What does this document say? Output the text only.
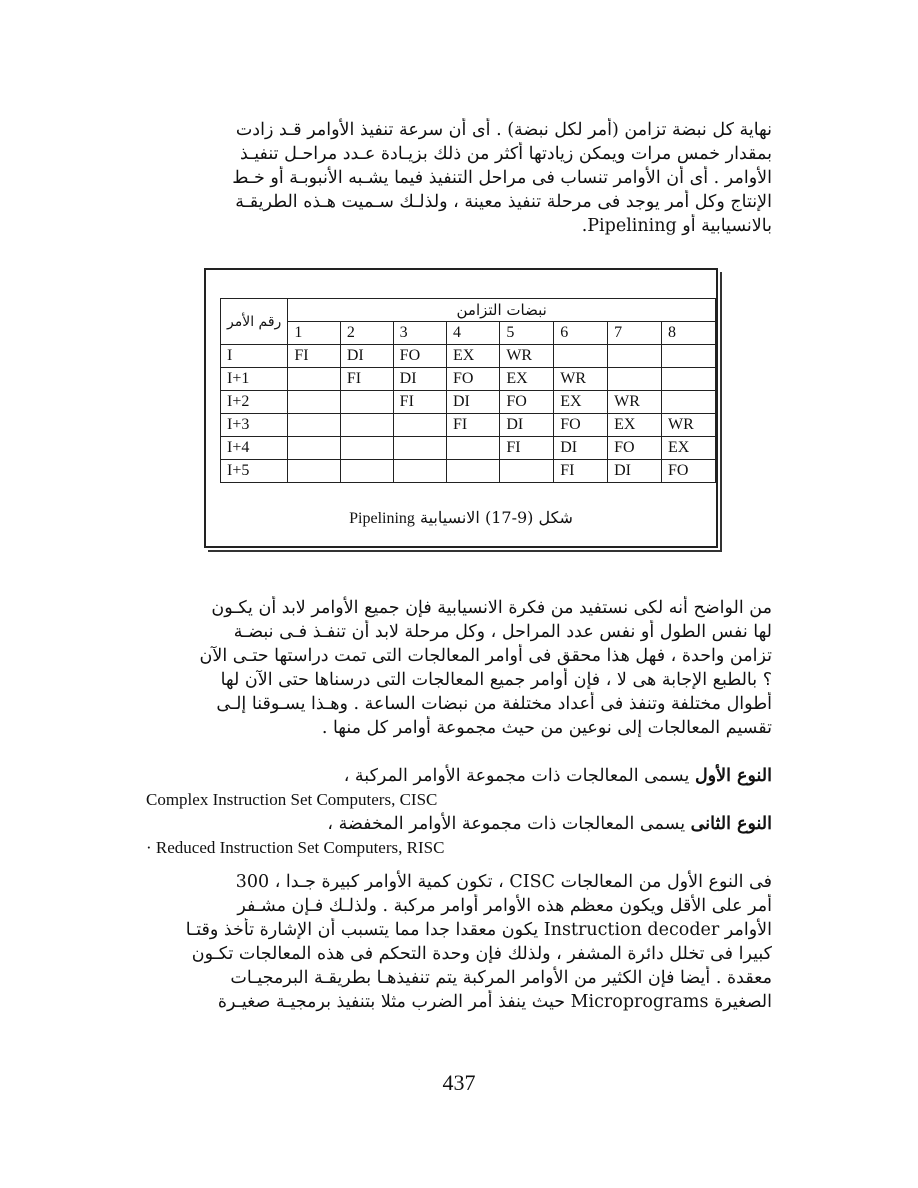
نهاية كل نبضة تزامن (أمر لكل نبضة) . أى أن سرعة تنفيذ الأوامر قـد زادت
بمقدار خمس مرات ويمكن زيادتها أكثر من ذلك بزيـادة عـدد مراحـل تنفيـذ
الأوامر . أى أن الأوامر تنساب فى مراحل التنفيذ فيما يشـبه الأنبوبـة أو خـط
الإنتاج وكل أمر يوجد فى مرحلة تنفيذ معينة ، ولذلـك سـميت هـذه الطريقـة
بالانسيابية أو Pipelining.
رقم الأمر	نبضات التزامن							
	1	2	3	4	5	6	7	8
I	FI	DI	FO	EX	WR			
I+1		FI	DI	FO	EX	WR		
I+2			FI	DI	FO	EX	WR	
I+3				FI	DI	FO	EX	WR
I+4					FI	DI	FO	EX
I+5						FI	DI	FO
شكل (9-17) الانسيابية Pipelining
من الواضح أنه لكى نستفيد من فكرة الانسيابية فإن جميع الأوامر لابد أن يكـون
لها نفس الطول أو نفس عدد المراحل ، وكل مرحلة لابد أن تنفـذ فـى نبضـة
تزامن واحدة ، فهل هذا محقق فى أوامر المعالجات التى تمت دراستها حتـى الآن
؟ بالطبع الإجابة هى لا ، فإن أوامر جميع المعالجات التى درسناها حتى الآن لها
أطوال مختلفة وتنفذ فى أعداد مختلفة من نبضات الساعة . وهـذا يسـوقنا إلـى
تقسيم المعالجات إلى نوعين من حيث مجموعة أوامر كل منها .
النوع الأول يسمى المعالجات ذات مجموعة الأوامر المركبة ،
Complex Instruction Set Computers, CISC
النوع الثانى يسمى المعالجات ذات مجموعة الأوامر المخفضة ،
· Reduced Instruction Set Computers, RISC
فى النوع الأول من المعالجات CISC ، تكون كمية الأوامر كبيرة جـدا ، 300
أمر على الأقل ويكون معظم هذه الأوامر أوامر مركبة . ولذلـك فـإن مشـفر
الأوامر Instruction decoder يكون معقدا جدا مما يتسبب أن الإشارة تأخذ وقتـا
كبيرا فى تخلل دائرة المشفر ، ولذلك فإن وحدة التحكم فى هذه المعالجات تكـون
معقدة . أيضا فإن الكثير من الأوامر المركبة يتم تنفيذهـا بطريقـة البرمجيـات
الصغيرة Microprograms حيث ينفذ أمر الضرب مثلا بتنفيذ برمجيـة صغيـرة
437
